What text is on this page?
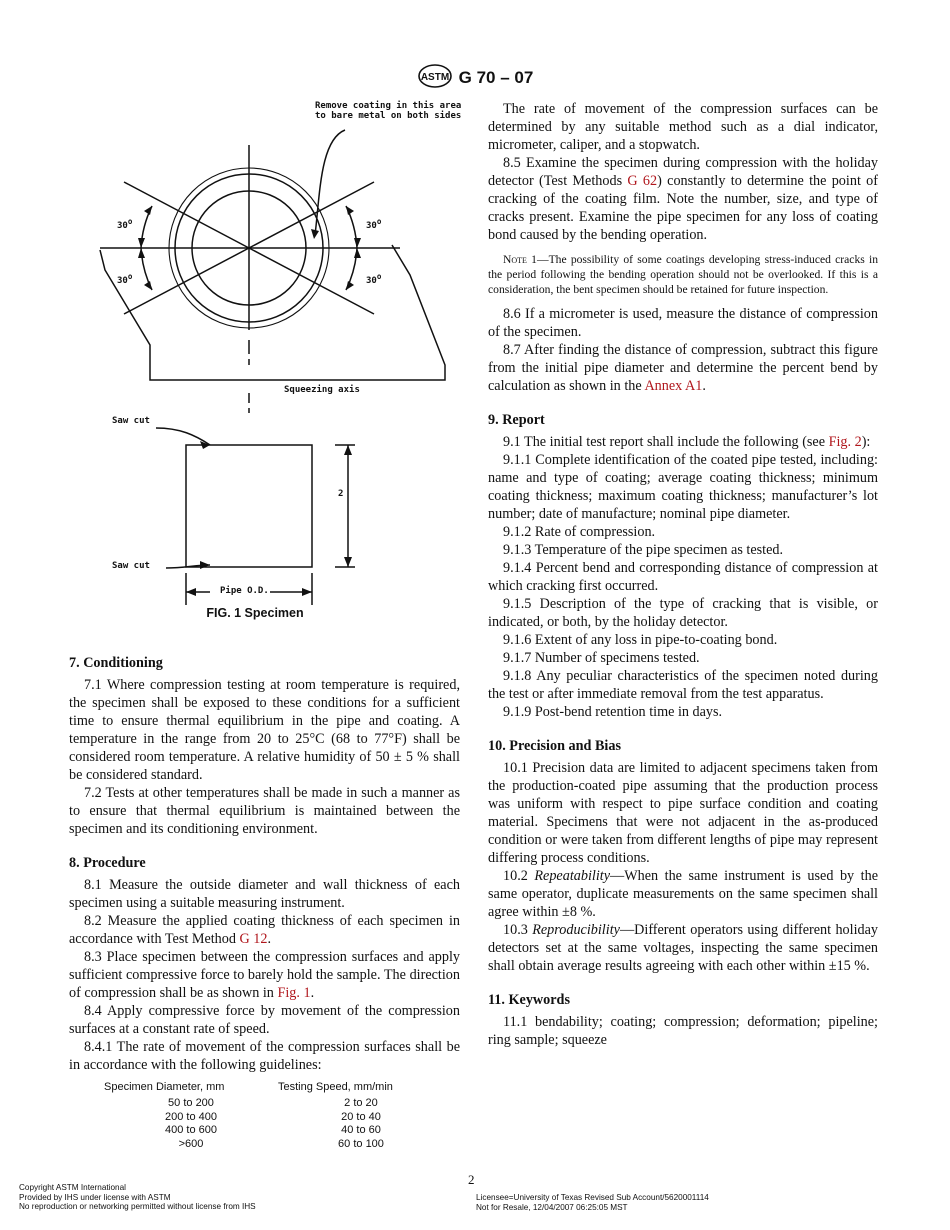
ASTM G 70 – 07
Remove coating in this area
to bare metal on both sides
30$^o$
30$^o$
30$^o$
30$^o$
Squeezing axis
Saw cut
Saw cut
2
Pipe O.D.
FIG. 1 Specimen
7. Conditioning

7.1 Where compression testing at room temperature is required, the specimen shall be exposed to these conditions for a sufficient time to ensure thermal equilibrium in the pipe and coating. A temperature in the range from 20 to 25°C (68 to 77°F) shall be considered room temperature. A relative humidity of 50 ± 5 % shall be considered standard.

7.2 Tests at other temperatures shall be made in such a manner as to ensure that thermal equilibrium is maintained between the specimen and its conditioning environment.

8. Procedure

8.1 Measure the outside diameter and wall thickness of each specimen using a suitable measuring instrument.

8.2 Measure the applied coating thickness of each specimen in accordance with Test Method G 12.

8.3 Place specimen between the compression surfaces and apply sufficient compressive force to barely hold the sample. The direction of compression shall be as shown in Fig. 1.

8.4 Apply compressive force by movement of the compression surfaces at a constant rate of speed.

8.4.1 The rate of movement of the compression surfaces shall be in accordance with the following guidelines:

Specimen Diameter, mm	Testing Speed, mm/min
50 to 200	2 to 20
200 to 400	20 to 40
400 to 600	40 to 60
>600	60 to 100

The rate of movement of the compression surfaces can be determined by any suitable method such as a dial indicator, micrometer, caliper, and a stopwatch.

8.5 Examine the specimen during compression with the holiday detector (Test Methods G 62) constantly to determine the point of cracking of the coating film. Note the number, size, and type of cracks present. Examine the pipe specimen for any loss of coating bond caused by the bending operation.

Note 1—The possibility of some coatings developing stress-induced cracks in the period following the bending operation should not be overlooked. If this is a consideration, the bent specimen should be retained for future inspection.

8.6 If a micrometer is used, measure the distance of compression of the specimen.

8.7 After finding the distance of compression, subtract this figure from the initial pipe diameter and determine the percent bend by calculation as shown in the Annex A1.

9. Report

9.1 The initial test report shall include the following (see Fig. 2):

9.1.1 Complete identification of the coated pipe tested, including: name and type of coating; average coating thickness; minimum coating thickness; maximum coating thickness; manufacturer’s lot number; date of manufacture; nominal pipe diameter.

9.1.2 Rate of compression.

9.1.3 Temperature of the pipe specimen as tested.

9.1.4 Percent bend and corresponding distance of compression at which cracking first occurred.

9.1.5 Description of the type of cracking that is visible, or indicated, or both, by the holiday detector.

9.1.6 Extent of any loss in pipe-to-coating bond.

9.1.7 Number of specimens tested.

9.1.8 Any peculiar characteristics of the specimen noted during the test or after immediate removal from the test apparatus.

9.1.9 Post-bend retention time in days.

10. Precision and Bias

10.1 Precision data are limited to adjacent specimens taken from the production-coated pipe assuming that the production process was uniform with respect to pipe surface condition and coating material. Specimens that were not adjacent in the as-produced condition or were taken from different lengths of pipe may represent differing process conditions.

10.2 Repeatability—When the same instrument is used by the same operator, duplicate measurements on the same specimen shall agree within ±8 %.

10.3 Reproducibility—Different operators using different holiday detectors set at the same voltages, inspecting the same specimen shall obtain average results agreeing with each other within ±15 %.

11. Keywords

11.1 bendability; coating; compression; deformation; pipeline; ring sample; squeeze

Copyright ASTM International
Provided by IHS under license with ASTM
No reproduction or networking permitted without license from IHS
2
Licensee=University of Texas Revised Sub Account/5620001114
Not for Resale, 12/04/2007 06:25:05 MST
